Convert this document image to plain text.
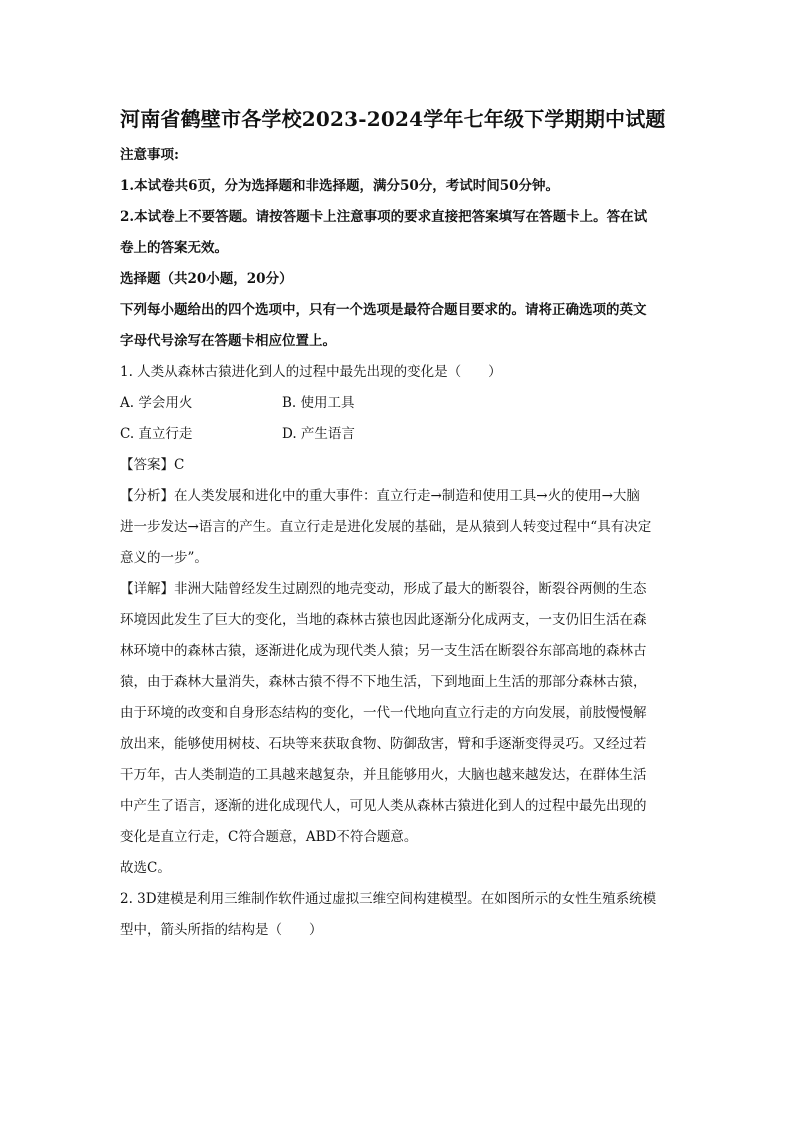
河南省鹤壁市各学校2023-2024学年七年级下学期期中试题
注意事项:
1.本试卷共6页，分为选择题和非选择题，满分50分，考试时间50分钟。
2.本试卷上不要答题。请按答题卡上注意事项的要求直接把答案填写在答题卡上。答在试
卷上的答案无效。
选择题（共20小题，20分）
下列每小题给出的四个选项中，只有一个选项是最符合题目要求的。请将正确选项的英文
字母代号涂写在答题卡相应位置上。
1. 人类从森林古猿进化到人的过程中最先出现的变化是（　　）
A. 学会用火	B. 使用工具
C. 直立行走	D. 产生语言
【答案】C
【分析】在人类发展和进化中的重大事件：直立行走→制造和使用工具→火的使用→大脑
进一步发达→语言的产生。直立行走是进化发展的基础，是从猿到人转变过程中“具有决定
意义的一步”。
【详解】非洲大陆曾经发生过剧烈的地壳变动，形成了最大的断裂谷，断裂谷两侧的生态
环境因此发生了巨大的变化，当地的森林古猿也因此逐渐分化成两支，一支仍旧生活在森
林环境中的森林古猿，逐渐进化成为现代类人猿；另一支生活在断裂谷东部高地的森林古
猿，由于森林大量消失，森林古猿不得不下地生活，下到地面上生活的那部分森林古猿，
由于环境的改变和自身形态结构的变化，一代一代地向直立行走的方向发展，前肢慢慢解
放出来，能够使用树枝、石块等来获取食物、防御敌害，臂和手逐渐变得灵巧。又经过若
干万年，古人类制造的工具越来越复杂，并且能够用火，大脑也越来越发达，在群体生活
中产生了语言，逐渐的进化成现代人，可见人类从森林古猿进化到人的过程中最先出现的
变化是直立行走，C符合题意，ABD不符合题意。
故选C。
2. 3D建模是利用三维制作软件通过虚拟三维空间构建模型。在如图所示的女性生殖系统模
型中，箭头所指的结构是（　　）
